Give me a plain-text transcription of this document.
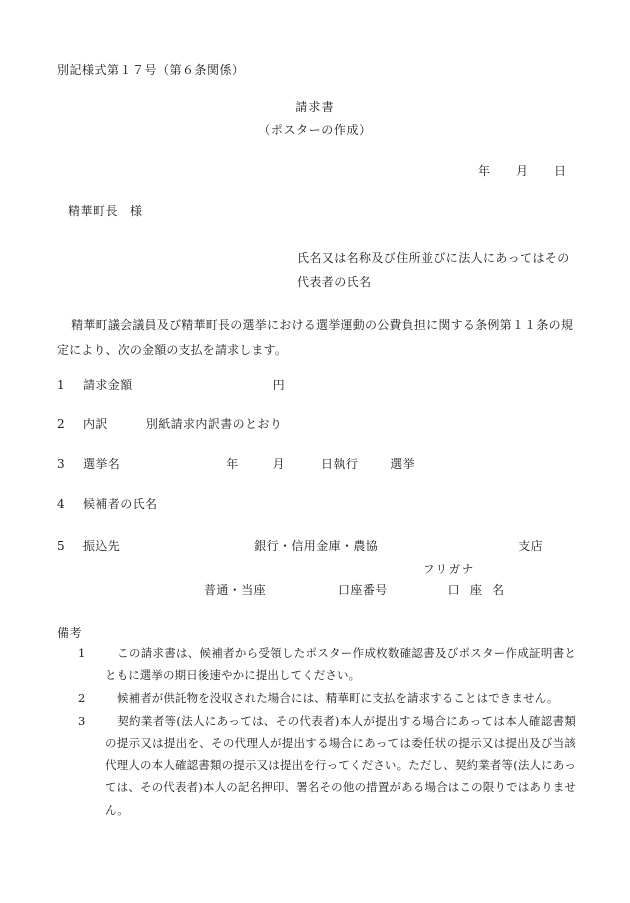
別記様式第１７号（第６条関係）
請求書
（ポスターの作成）
年 月 日
精華町長 様
氏名又は名称及び住所並びに法人にあってはその代表者の氏名
精華町議会議員及び精華町長の選挙における選挙運動の公費負担に関する条例第１１条の規定により、次の金額の支払を請求します。
1 請求金額	円
2 内訳	別紙請求内訳書のとおり
3 選挙名	年	月	日執行	選挙
4 候補者の氏名
5 振込先	銀行・信用金庫・農協	支店
フリガナ
普通・当座	口座番号	口 座 名
備考
1	この請求書は、候補者から受領したポスター作成枚数確認書及びポスター作成証明書とともに選挙の期日後速やかに提出してください。
2	候補者が供託物を没収された場合には、精華町に支払を請求することはできません。
3	契約業者等(法人にあっては、その代表者)本人が提出する場合にあっては本人確認書類の提示又は提出を、その代理人が提出する場合にあっては委任状の提示又は提出及び当該代理人の本人確認書類の提示又は提出を行ってください。ただし、契約業者等(法人にあっては、その代表者)本人の記名押印、署名その他の措置がある場合はこの限りではありません。
